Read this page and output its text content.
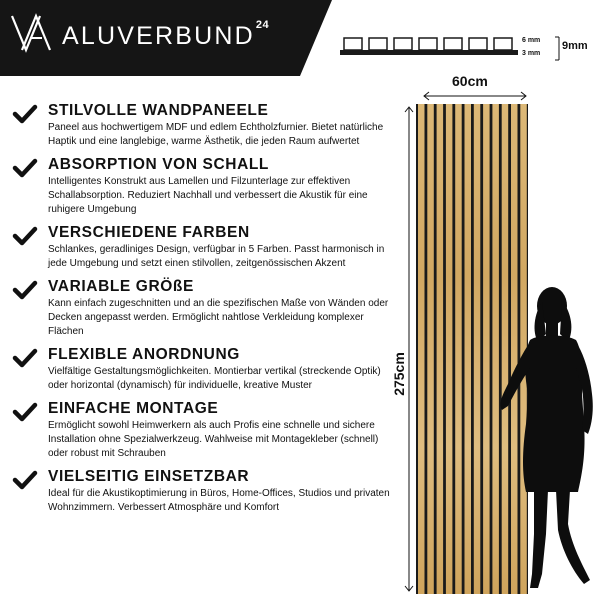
ALUVERBUND$^{24}$
6 mm
3 mm
9mm
STILVOLLE WANDPANEELE
Paneel aus hochwertigem MDF und edlem Echtholzfurnier. Bietet natürliche Haptik und eine langlebige, warme Ästhetik, die jeden Raum aufwertet
ABSORPTION VON SCHALL
Intelligentes Konstrukt aus Lamellen und Filzunterlage zur effektiven Schallabsorption. Reduziert Nachhall und verbessert die Akustik für eine ruhigere Umgebung
VERSCHIEDENE FARBEN
Schlankes, geradliniges Design, verfügbar in 5 Farben. Passt harmonisch in jede Umgebung und setzt einen stilvollen, zeitgenössischen Akzent
VARIABLE GRÖßE
Kann einfach zugeschnitten und an die spezifischen Maße von Wänden oder Decken angepasst werden. Ermöglicht nahtlose Verkleidung komplexer Flächen
FLEXIBLE ANORDNUNG
Vielfältige Gestaltungsmöglichkeiten. Montierbar vertikal (streckende Optik) oder horizontal (dynamisch) für individuelle, kreative Muster
EINFACHE MONTAGE
Ermöglicht sowohl Heimwerkern als auch Profis eine schnelle und sichere Installation ohne Spezialwerkzeug. Wahlweise mit Montagekleber (schnell) oder robust mit Schrauben
VIELSEITIG EINSETZBAR
Ideal für die Akustikoptimierung in Büros, Home-Offices, Studios und privaten Wohnzimmern. Verbessert Atmosphäre und Komfort
60cm
275cm
